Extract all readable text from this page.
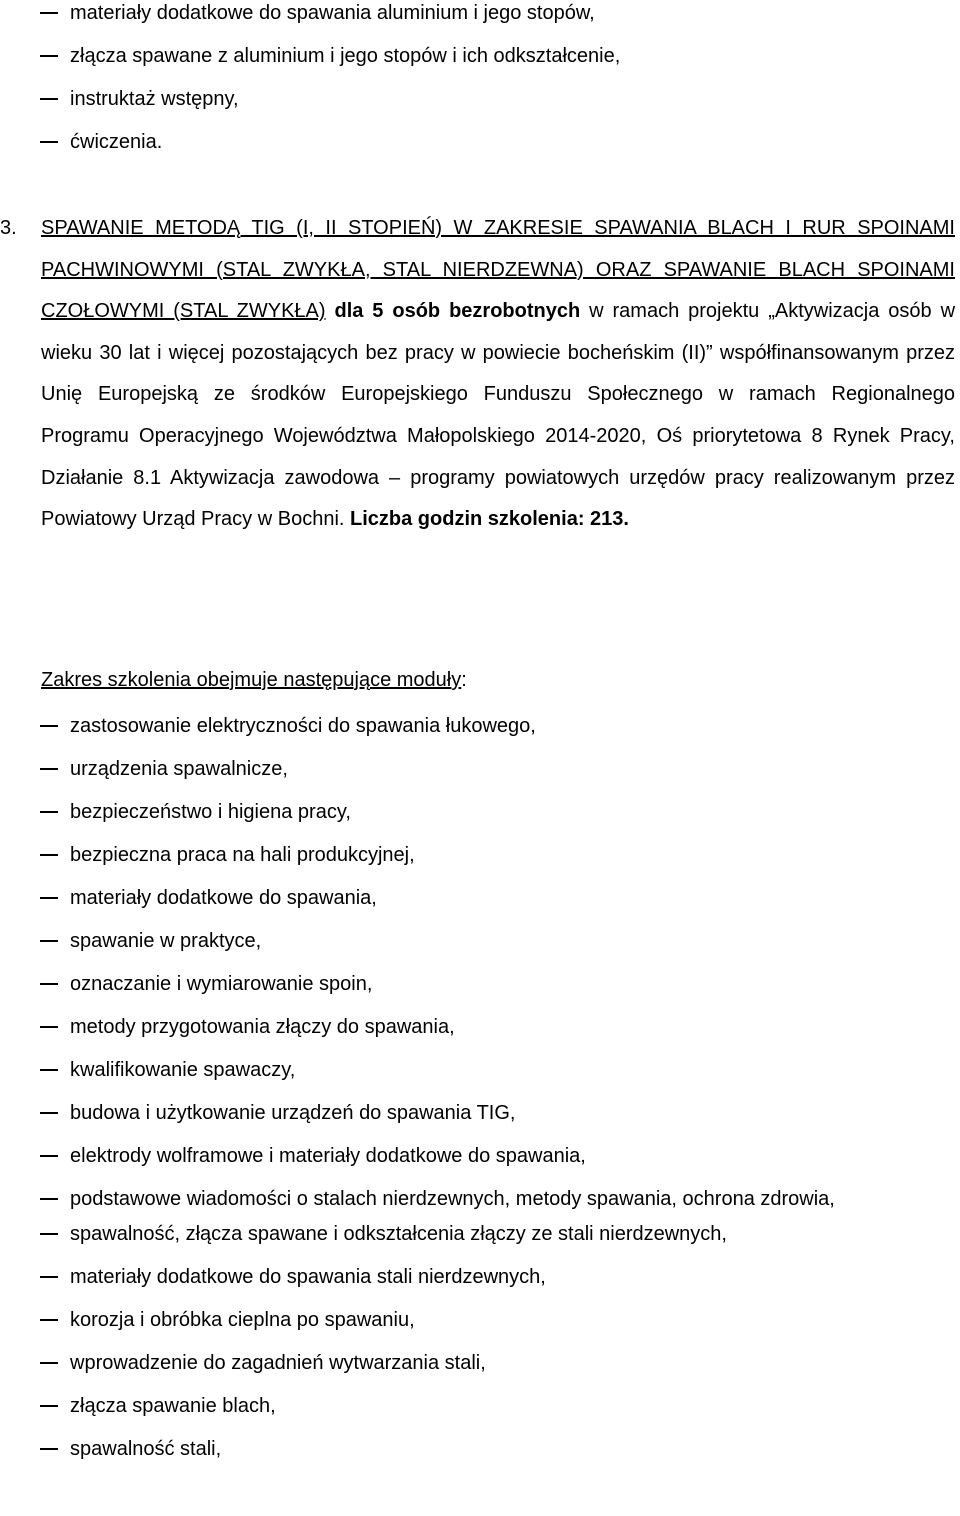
materiały dodatkowe do spawania aluminium i jego stopów,
złącza spawane z aluminium i jego stopów i ich odkształcenie,
instruktaż wstępny,
ćwiczenia.
3. SPAWANIE METODĄ TIG (I, II STOPIEŃ) W ZAKRESIE SPAWANIA BLACH I RUR SPOINAMI PACHWINOWYMI (STAL ZWYKŁA, STAL NIERDZEWNA) ORAZ SPAWANIE BLACH SPOINAMI CZOŁOWYMI (STAL ZWYKŁA) dla 5 osób bezrobotnych w ramach projektu „Aktywizacja osób w wieku 30 lat i więcej pozostających bez pracy w powiecie bocheńskim (II)” współfinansowanym przez Unię Europejską ze środków Europejskiego Funduszu Społecznego w ramach Regionalnego Programu Operacyjnego Województwa Małopolskiego 2014-2020, Oś priorytetowa 8 Rynek Pracy, Działanie 8.1 Aktywizacja zawodowa – programy powiatowych urzędów pracy realizowanym przez Powiatowy Urząd Pracy w Bochni. Liczba godzin szkolenia: 213.

Zakres szkolenia obejmuje następujące moduły:
zastosowanie elektryczności do spawania łukowego,
urządzenia spawalnicze,
bezpieczeństwo i higiena pracy,
bezpieczna praca na hali produkcyjnej,
materiały dodatkowe do spawania,
spawanie w praktyce,
oznaczanie i wymiarowanie spoin,
metody przygotowania złączy do spawania,
kwalifikowanie spawaczy,
budowa i użytkowanie urządzeń do spawania TIG,
elektrody wolframowe i materiały dodatkowe do spawania,
podstawowe wiadomości o stalach nierdzewnych, metody spawania, ochrona zdrowia,
spawalność, złącza spawane i odkształcenia złączy ze stali nierdzewnych,
materiały dodatkowe do spawania stali nierdzewnych,
korozja i obróbka cieplna po spawaniu,
wprowadzenie do zagadnień wytwarzania stali,
złącza spawanie blach,
spawalność stali,
